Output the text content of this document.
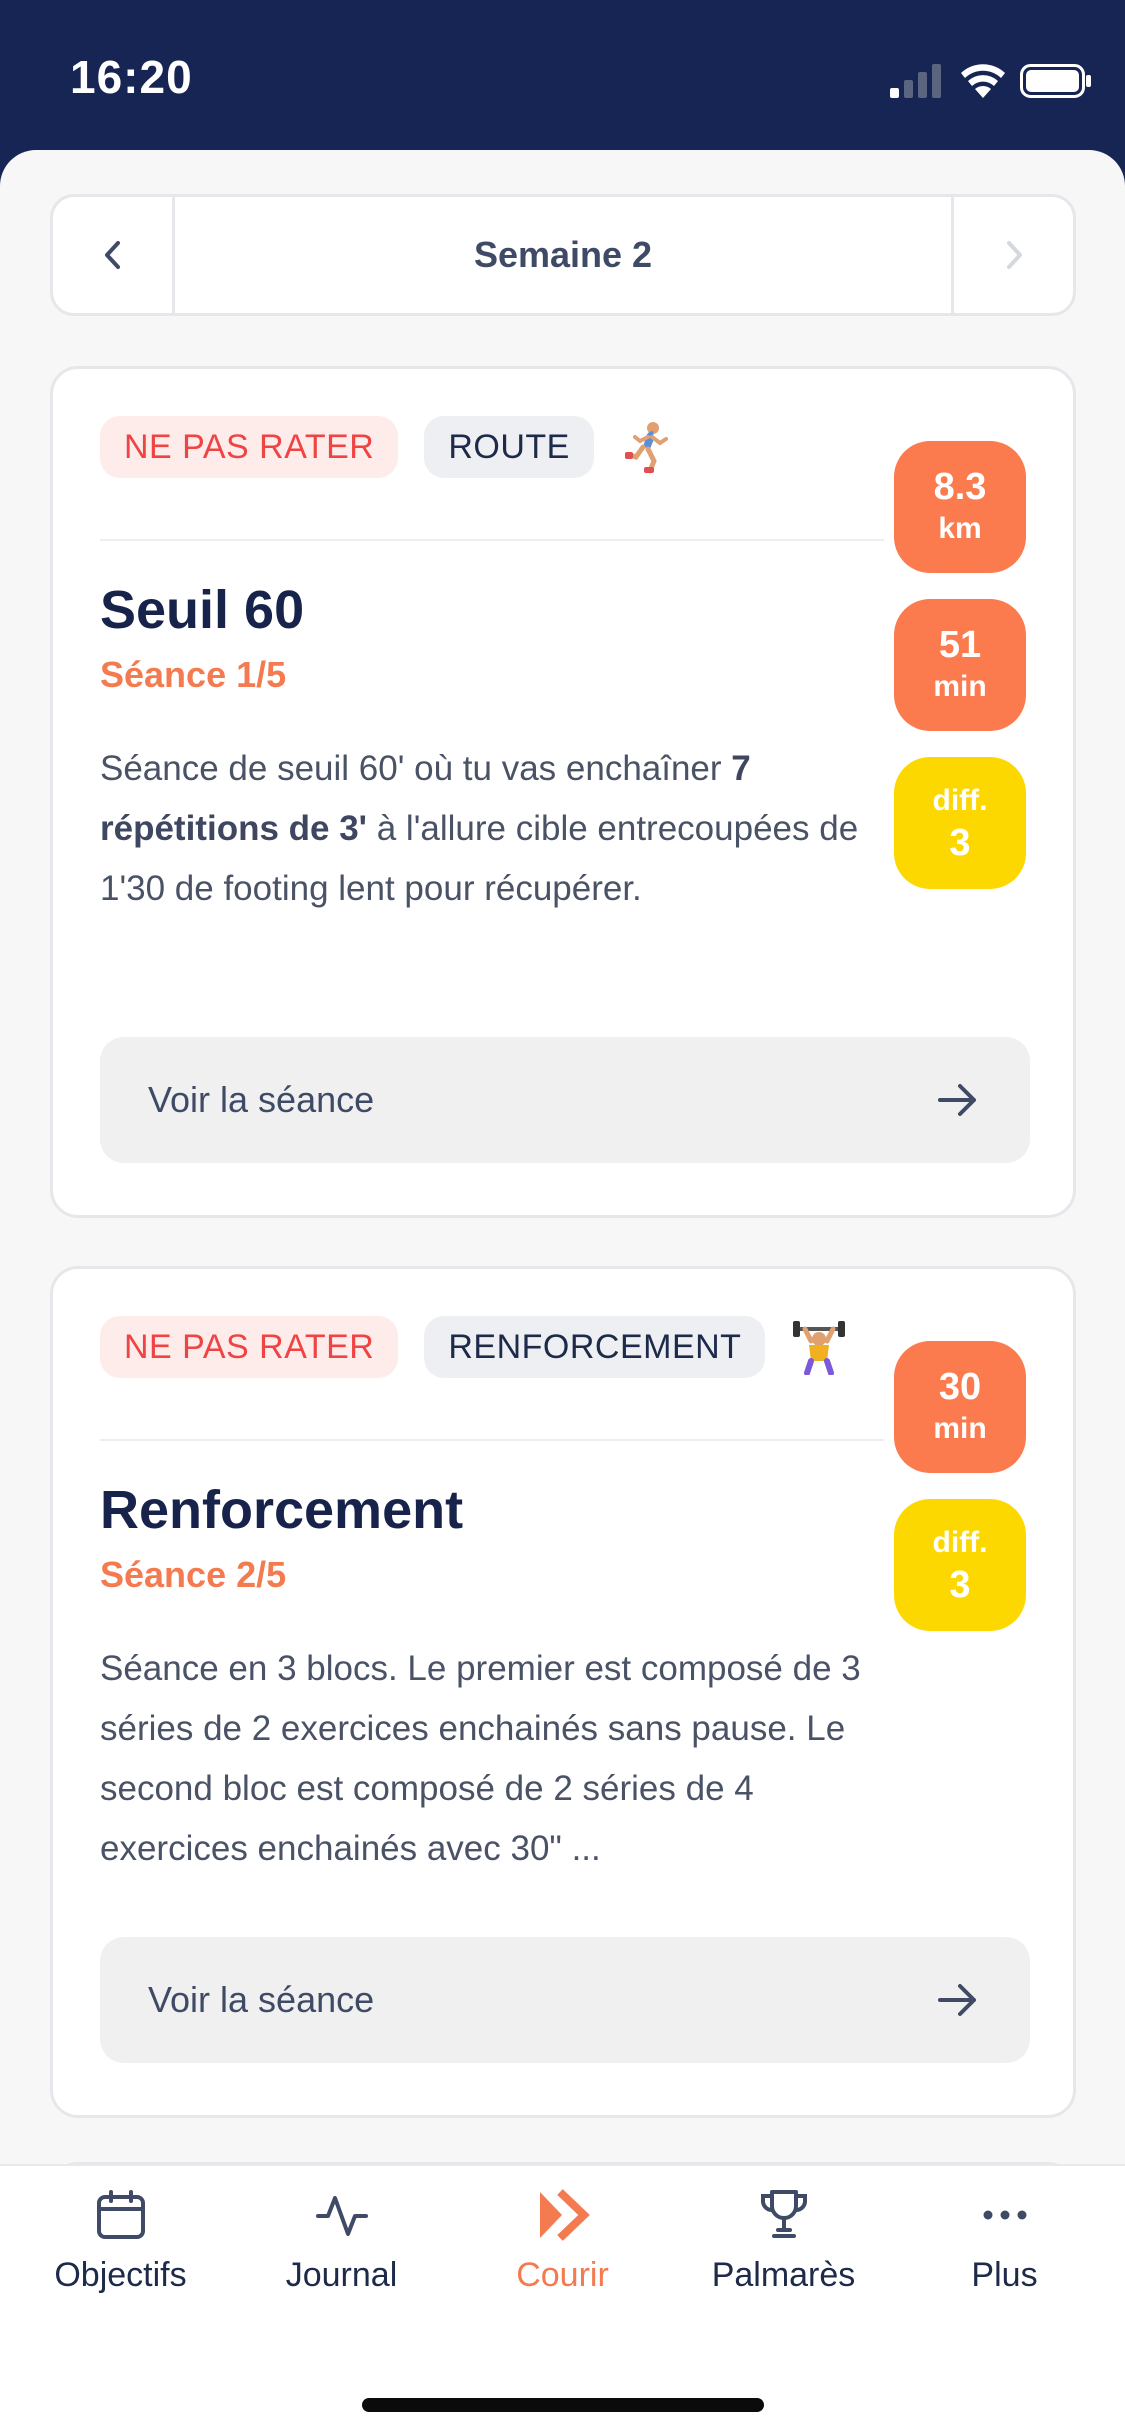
16:20
Semaine 2
NE PAS RATER	ROUTE
Seuil 60
Séance 1/5
Séance de seuil 60' où tu vas enchaîner 7 répétitions de 3' à l'allure cible entrecoupées de 1'30 de footing lent pour récupérer.
8.3
km
51
min
diff.
3
Voir la séance
NE PAS RATER	RENFORCEMENT
Renforcement
Séance 2/5
Séance en 3 blocs. Le premier est composé de 3 séries de 2 exercices enchainés sans pause. Le second bloc est composé de 2 séries de 4 exercices enchainés avec 30" ...
30
min
diff.
3
Voir la séance
Objectifs	Journal	Courir	Palmarès	Plus
